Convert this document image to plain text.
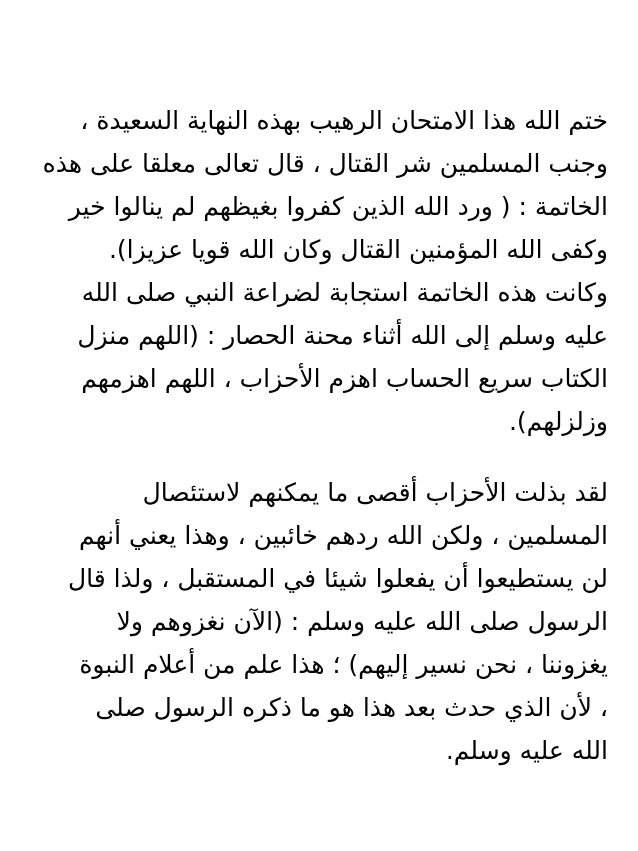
ختم الله هذا الامتحان الرهيب بهذه النهاية السعيدة ،
وجنب المسلمين شر القتال ، قال تعالى معلقا على هذه
الخاتمة : ( ورد الله الذين كفروا بغيظهم لم ينالوا خير
وكفى الله المؤمنين القتال وكان الله قويا عزيزا).
وكانت هذه الخاتمة استجابة لضراعة النبي صلى الله
عليه وسلم إلى الله أثناء محنة الحصار : (اللهم منزل
الكتاب سريع الحساب اهزم الأحزاب ، اللهم اهزمهم
وزلزلهم).
لقد بذلت الأحزاب أقصى ما يمكنهم لاستئصال
المسلمين ، ولكن الله ردهم خائبين ، وهذا يعني أنهم
لن يستطيعوا أن يفعلوا شيئا في المستقبل ، ولذا قال
الرسول صلى الله عليه وسلم : (الآن نغزوهم ولا
يغزوننا ، نحن نسير إليهم) ؛ هذا علم من أعلام النبوة
، لأن الذي حدث بعد هذا هو ما ذكره الرسول صلى
الله عليه وسلم.
